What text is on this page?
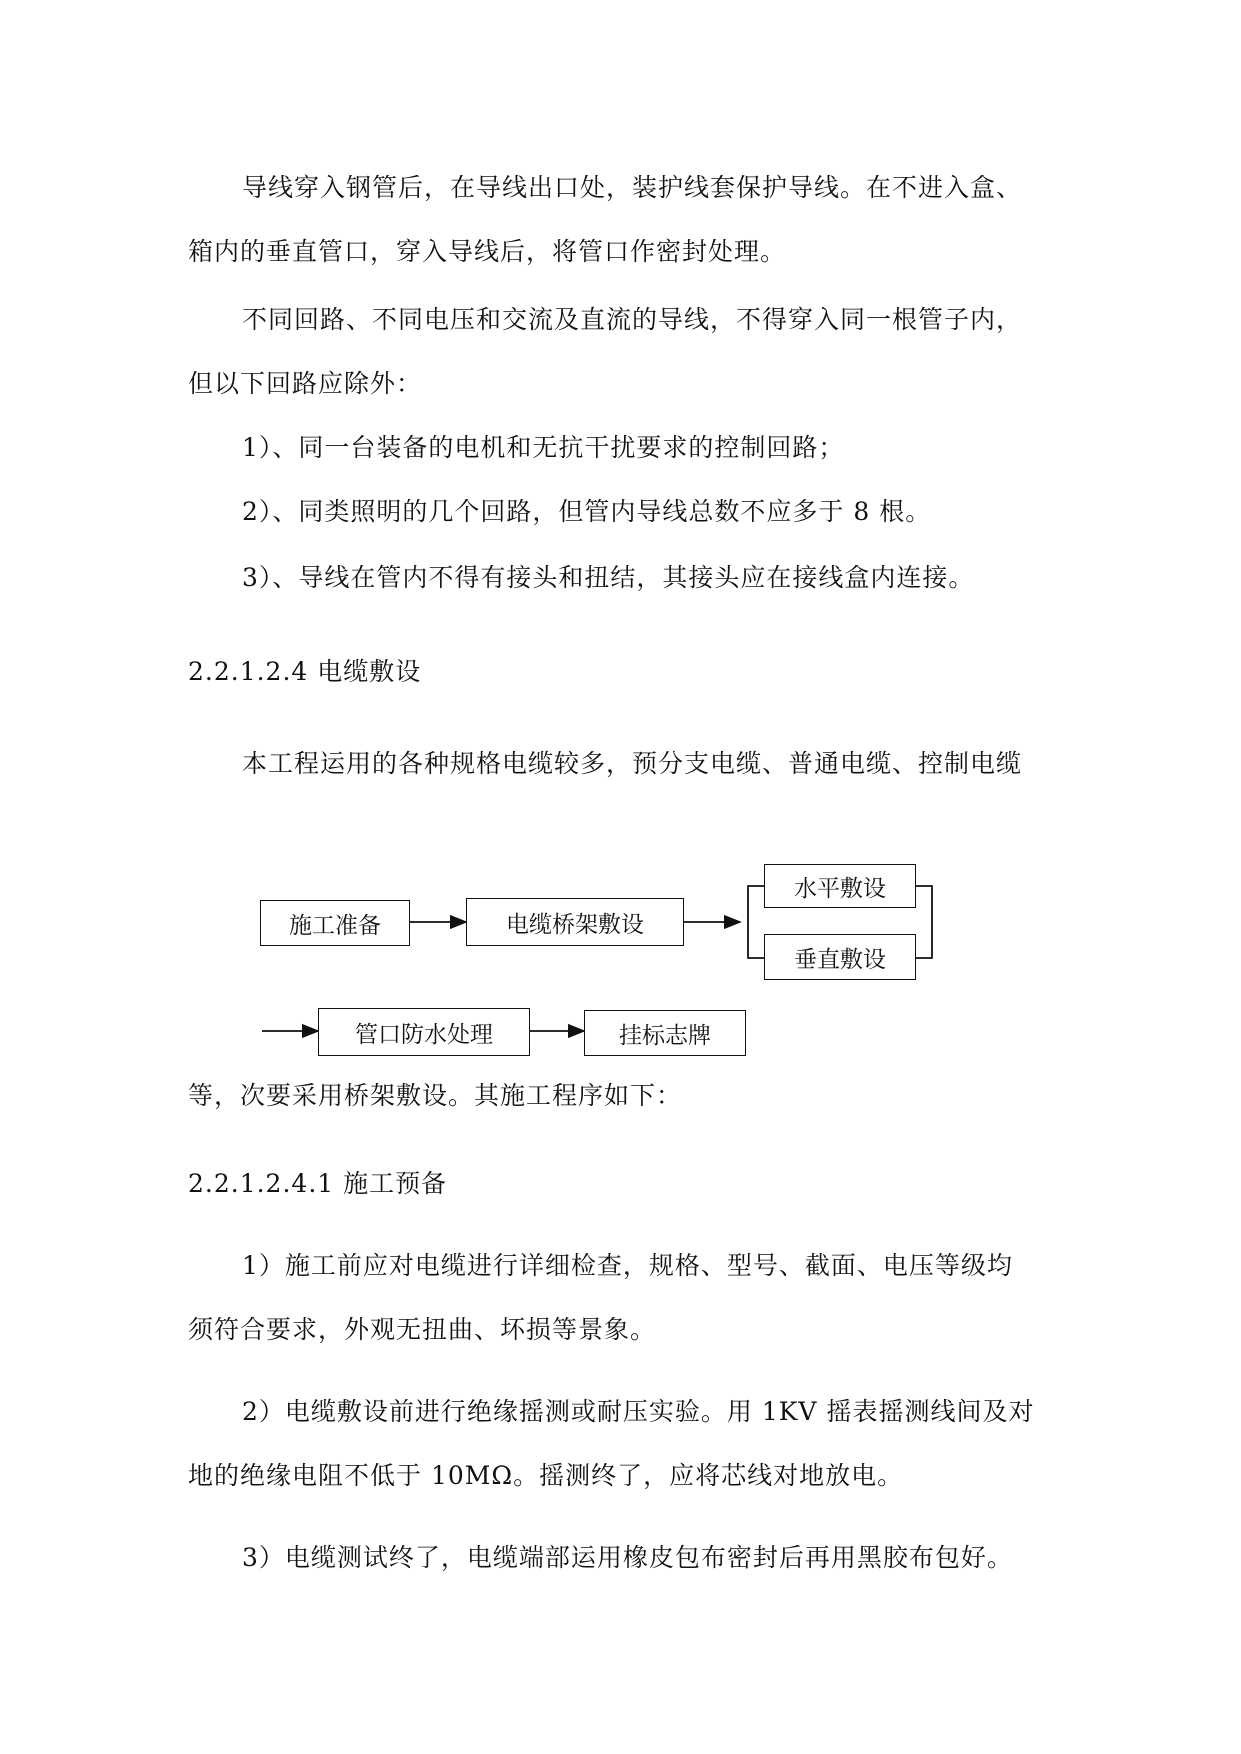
导线穿入钢管后，在导线出口处，装护线套保护导线。在不进入盒、
箱内的垂直管口，穿入导线后，将管口作密封处理。
不同回路、不同电压和交流及直流的导线，不得穿入同一根管子内，
但以下回路应除外：
1）、同一台装备的电机和无抗干扰要求的控制回路；
2）、同类照明的几个回路，但管内导线总数不应多于 8 根。
3）、导线在管内不得有接头和扭结，其接头应在接线盒内连接。
2.2.1.2.4 电缆敷设
本工程运用的各种规格电缆较多，预分支电缆、普通电缆、控制电缆
等，次要采用桥架敷设。其施工程序如下：
2.2.1.2.4.1 施工预备
1）施工前应对电缆进行详细检查，规格、型号、截面、电压等级均
须符合要求，外观无扭曲、坏损等景象。
2）电缆敷设前进行绝缘摇测或耐压实验。用 1KV 摇表摇测线间及对
地的绝缘电阻不低于 10MΩ。摇测终了，应将芯线对地放电。
3）电缆测试终了，电缆端部运用橡皮包布密封后再用黑胶布包好。
施工准备	电缆桥架敷设
水平敷设
垂直敷设
管口防水处理	挂标志牌
